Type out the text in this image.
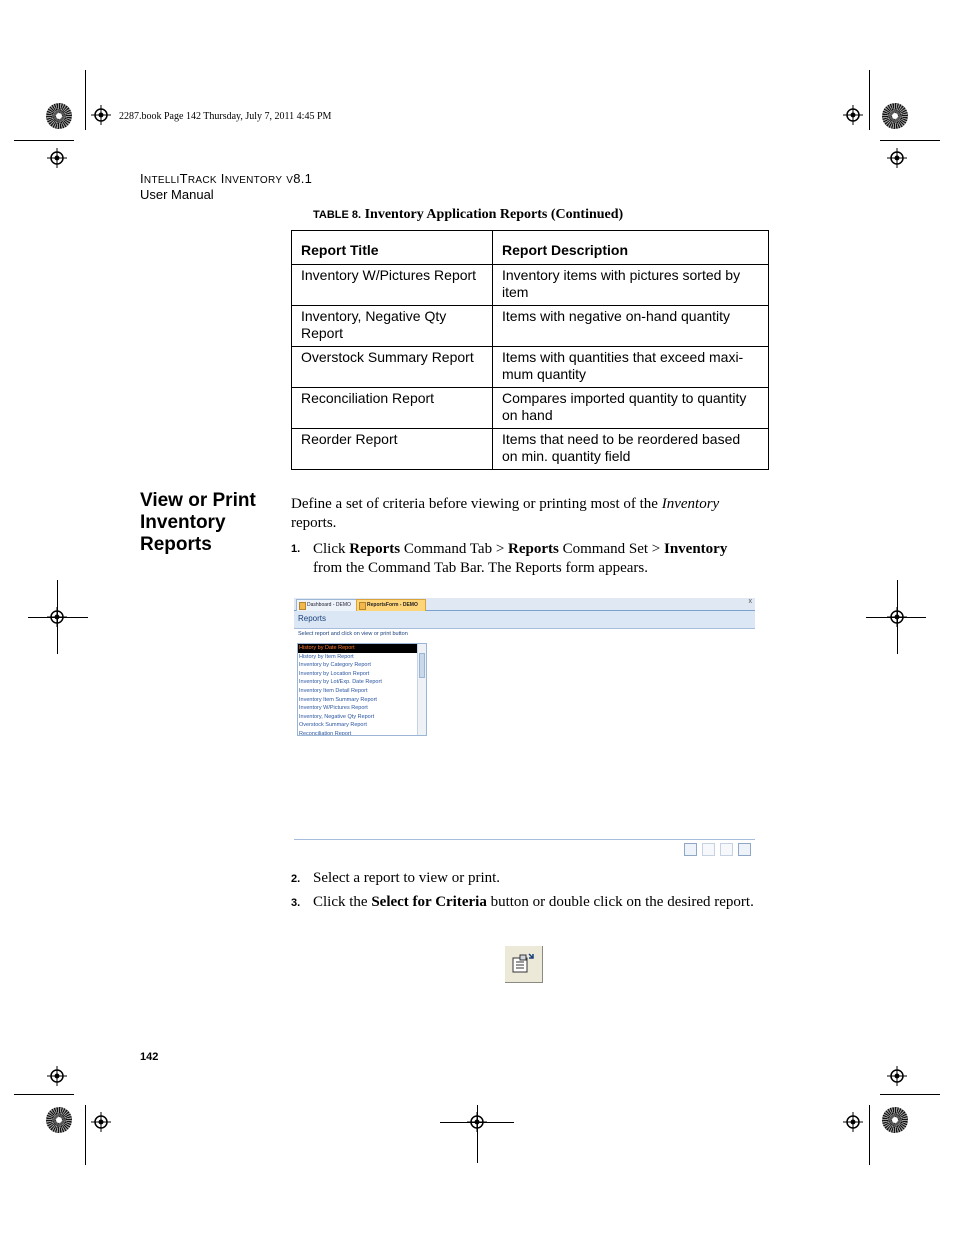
2287.book Page 142 Thursday, July 7, 2011 4:45 PM
INTELLITRACK INVENTORY V8.1
User Manual
TABLE 8. Inventory Application Reports (Continued)
Report Title	Report Description
Inventory W/Pictures Report	Inventory items with pictures sorted by item
Inventory, Negative Qty Report	Items with negative on-hand quantity
Overstock Summary Report	Items with quantities that exceed maxi-mum quantity
Reconciliation Report	Compares imported quantity to quantity on hand
Reorder Report	Items that need to be reordered based on min. quantity field
View or Print Inventory Reports
Define a set of criteria before viewing or printing most of the Inventory reports.
1. Click Reports Command Tab > Reports Command Set > Inventory from the Command Tab Bar. The Reports form appears.
Dashboard - DEMO	ReportsForm - DEMO	x
Reports
Select report and click on view or print button
History by Date Report
History by Item Report
Inventory by Category Report
Inventory by Location Report
Inventory by Lot/Exp. Date Report
Inventory Item Detail Report
Inventory Item Summary Report
Inventory W/Pictures Report
Inventory, Negative Qty Report
Overstock Summary Report
Reconciliation Report
2. Select a report to view or print.
3. Click the Select for Criteria button or double click on the desired report.
142
